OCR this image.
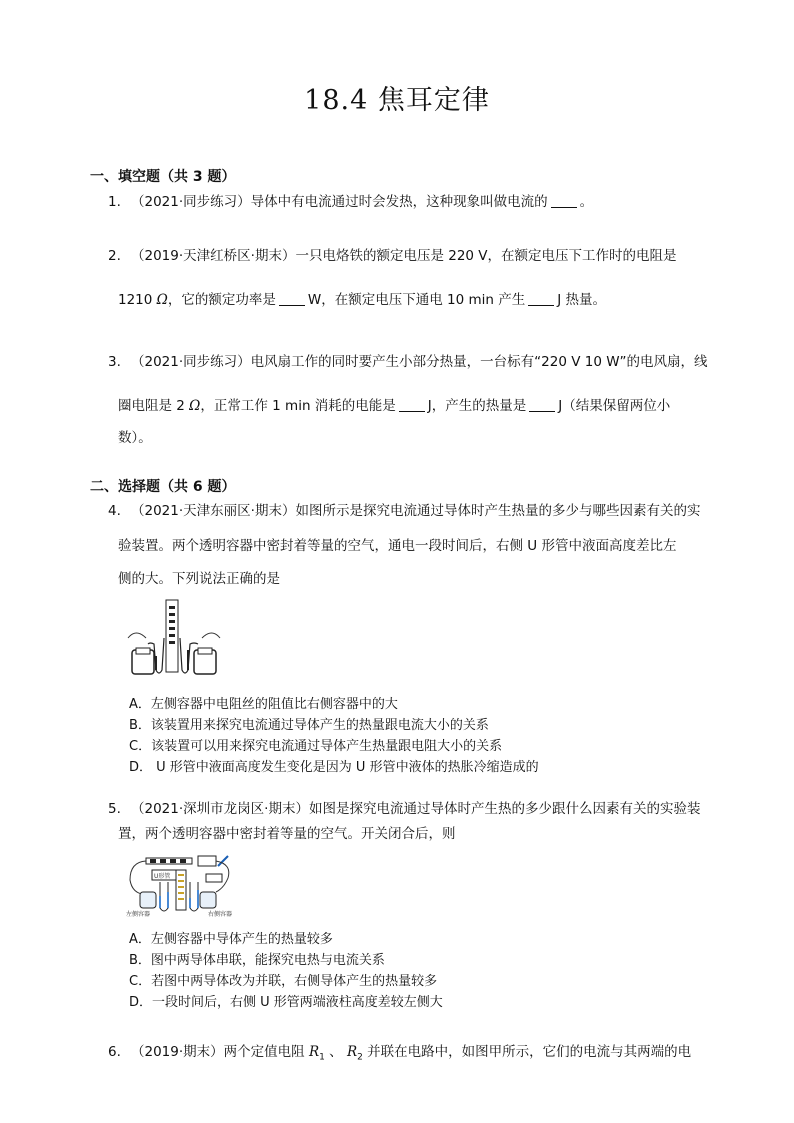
18.4 焦耳定律
一、填空题（共 3 题）
1. （2021·同步练习）导体中有电流通过时会发热，这种现象叫做电流的 。
2. （2019·天津红桥区·期末）一只电烙铁的额定电压是 220 V，在额定电压下工作时的电阻是
1210 Ω，它的额定功率是 W，在额定电压下通电 10 min 产生 J 热量。
3. （2021·同步练习）电风扇工作的同时要产生小部分热量，一台标有“220 V 10 W”的电风扇，线
圈电阻是 2 Ω，正常工作 1 min 消耗的电能是 J，产生的热量是 J（结果保留两位小
数）。
二、选择题（共 6 题）
4. （2021·天津东丽区·期末）如图所示是探究电流通过导体时产生热量的多少与哪些因素有关的实
验装置。两个透明容器中密封着等量的空气，通电一段时间后，右侧 U 形管中液面高度差比左
侧的大。下列说法正确的是
A．左侧容器中电阻丝的阻值比右侧容器中的大
B．该装置用来探究电流通过导体产生的热量跟电流大小的关系
C．该装置可以用来探究电流通过导体产生热量跟电阻大小的关系
D． U 形管中液面高度发生变化是因为 U 形管中液体的热胀冷缩造成的
5. （2021·深圳市龙岗区·期末）如图是探究电流通过导体时产生热的多少跟什么因素有关的实验装
置，两个透明容器中密封着等量的空气。开关闭合后，则
U形管
左侧容器	右侧容器
A．左侧容器中导体产生的热量较多
B．图中两导体串联，能探究电热与电流关系
C．若图中两导体改为并联，右侧导体产生的热量较多
D．一段时间后，右侧 U 形管两端液柱高度差较左侧大
6. （2019·期末）两个定值电阻 $R_1$ 、 $R_2$ 并联在电路中，如图甲所示，它们的电流与其两端的电
